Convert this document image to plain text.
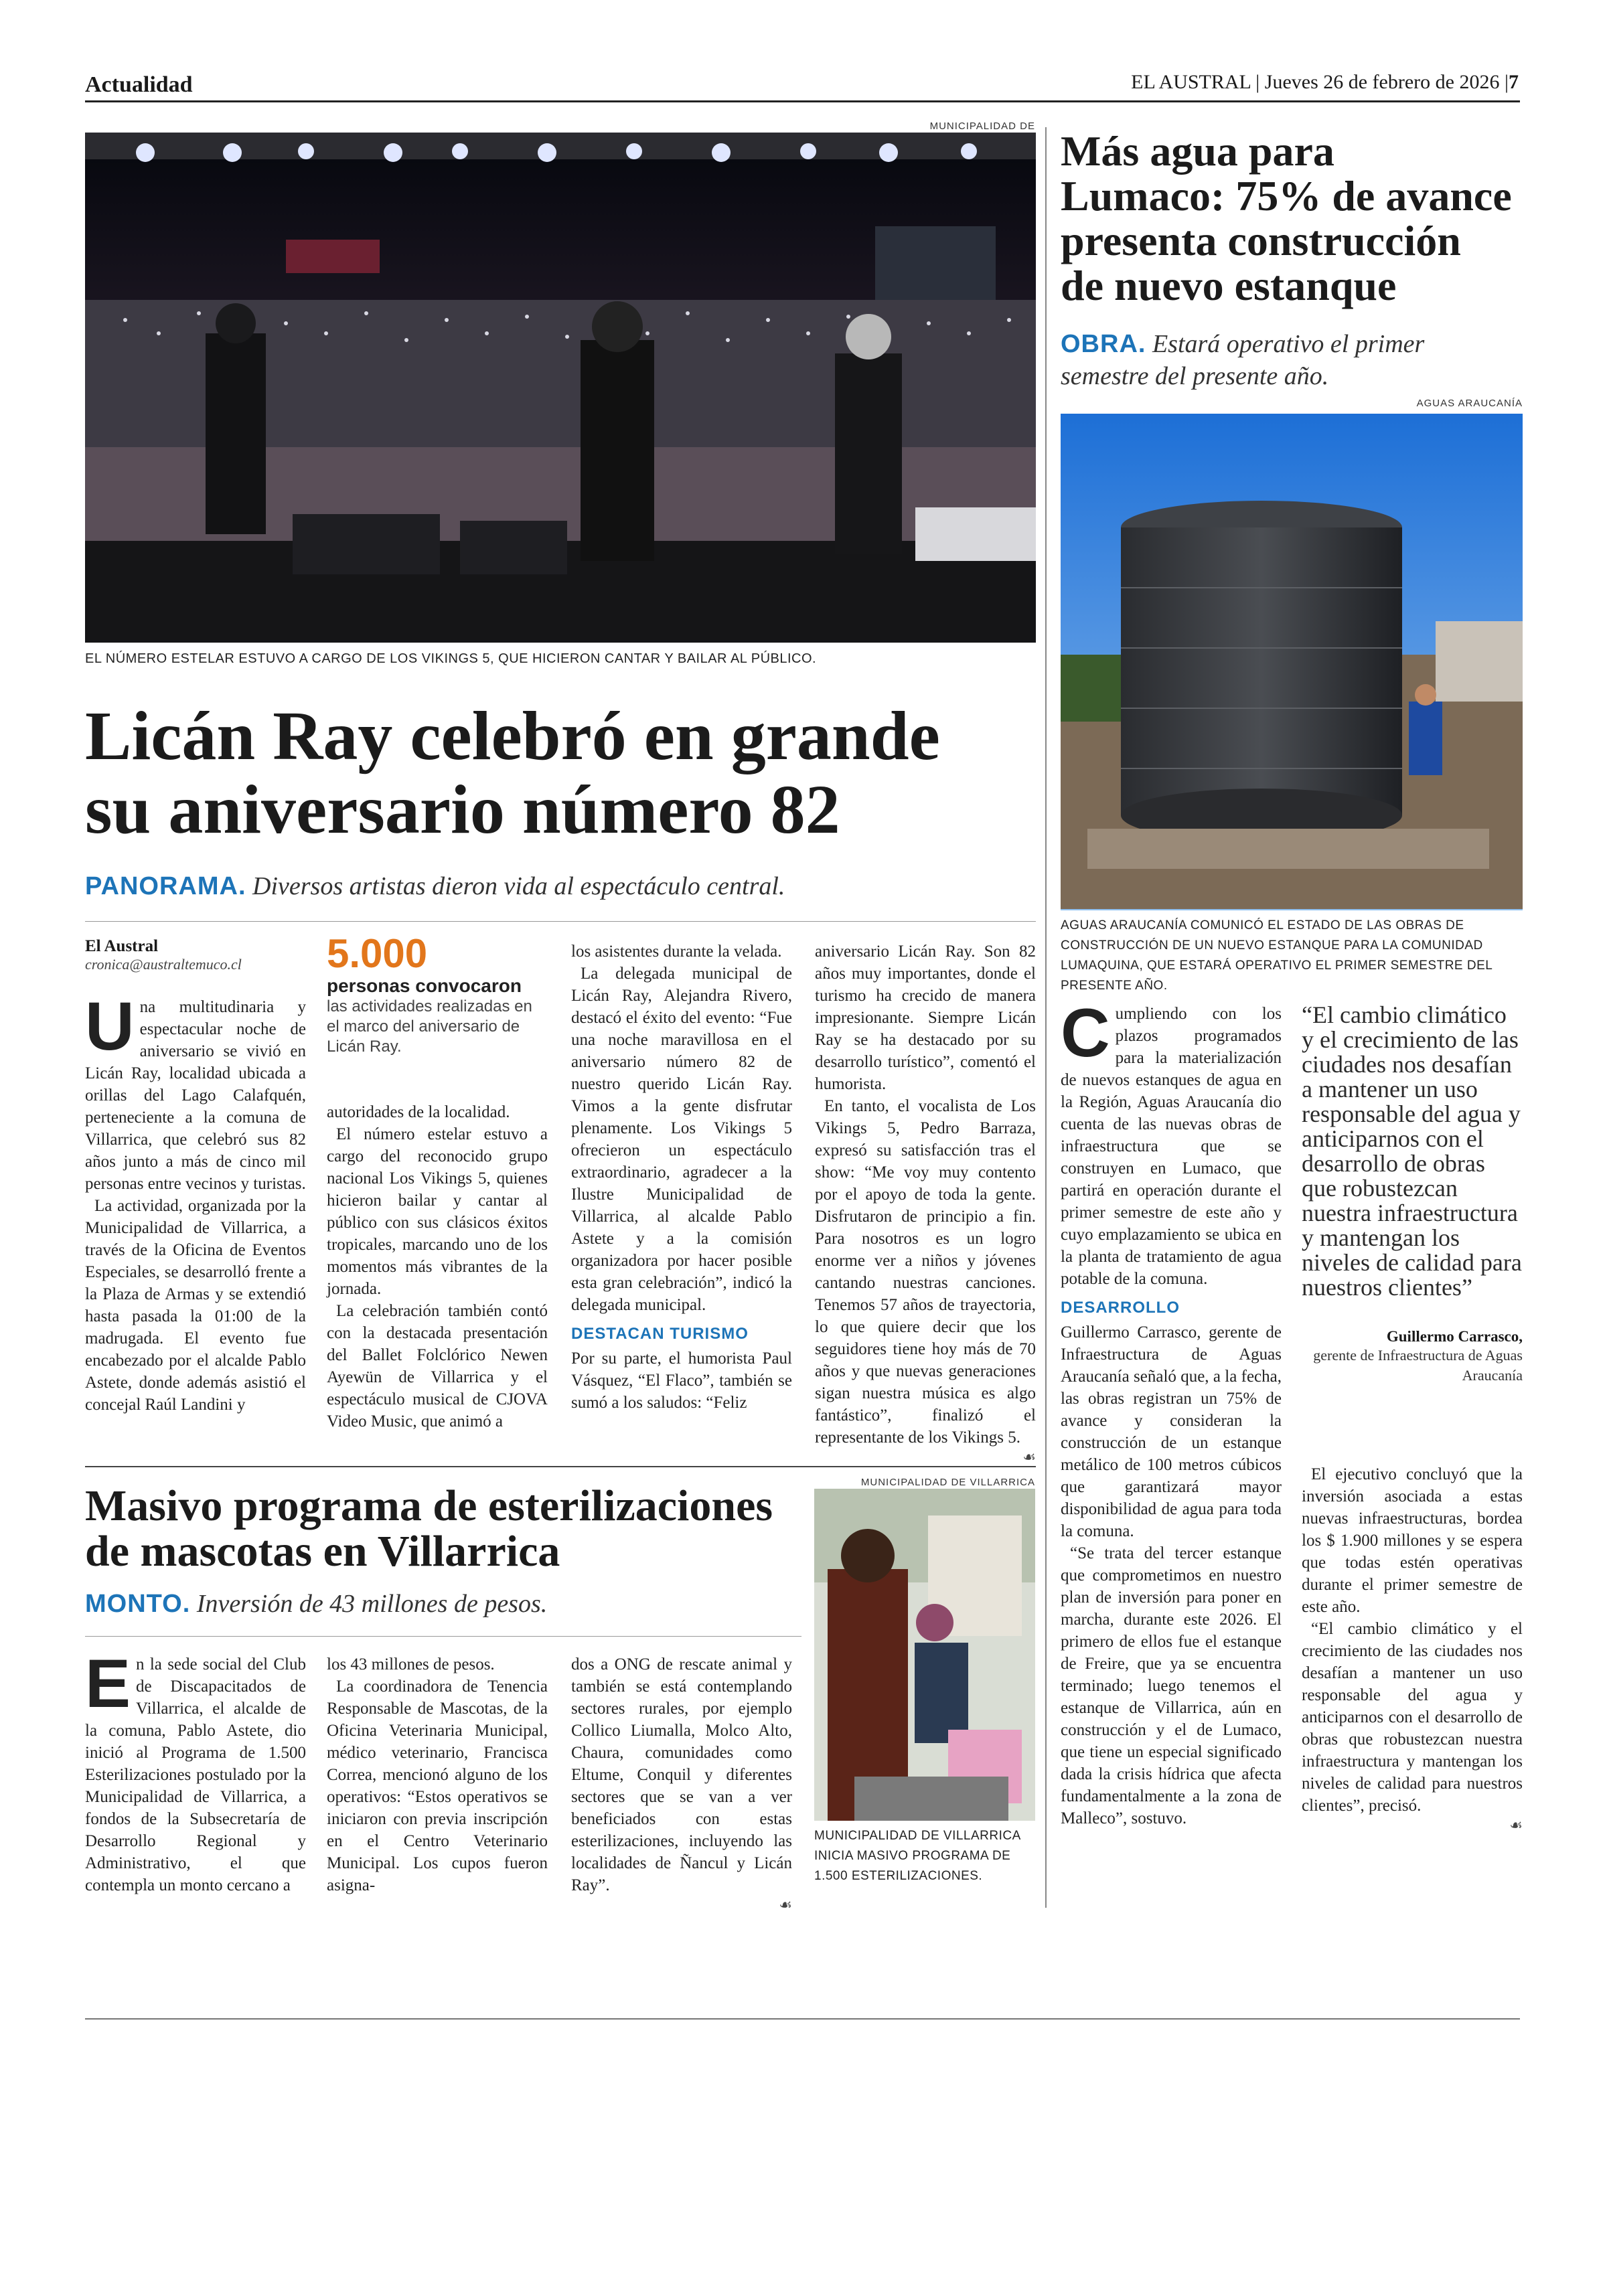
Actualidad	EL AUSTRAL | Jueves 26 de febrero de 2026 |7
MUNICIPALIDAD DE
EL NÚMERO ESTELAR ESTUVO A CARGO DE LOS VIKINGS 5, QUE HICIERON CANTAR Y BAILAR AL PÚBLICO.
Licán Ray celebró en grande
su aniversario número 82
PANORAMA. Diversos artistas dieron vida al espectáculo central.
El Austral
cronica@australtemuco.cl

Una multitudinaria y espectacular noche de aniversario se vivió en Licán Ray, localidad ubicada a orillas del Lago Calafquén, perteneciente a la comuna de Villarrica, que celebró sus 82 años junto a más de cinco mil personas entre vecinos y turistas.

La actividad, organizada por la Municipalidad de Villarrica, a través de la Oficina de Eventos Especiales, se desarrolló frente a la Plaza de Armas y se extendió hasta pasada la 01:00 de la madrugada. El evento fue encabezado por el alcalde Pablo Astete, donde además asistió el concejal Raúl Landini y

5.000
personas convocaron
las actividades realizadas en el marco del aniversario de Licán Ray.

autoridades de la localidad.

El número estelar estuvo a cargo del reconocido grupo nacional Los Vikings 5, quienes hicieron bailar y cantar al público con sus clásicos éxitos tropicales, marcando uno de los momentos más vibrantes de la jornada.

La celebración también contó con la destacada presentación del Ballet Folclórico Newen Ayewün de Villarrica y el espectáculo musical de CJOVA Video Music, que animó a

los asistentes durante la velada.

La delegada municipal de Licán Ray, Alejandra Rivero, destacó el éxito del evento: “Fue una noche maravillosa en el aniversario número 82 de nuestro querido Licán Ray. Vimos a la gente disfrutar plenamente. Los Vikings 5 ofrecieron un espectáculo extraordinario, agradecer a la Ilustre Municipalidad de Villarrica, al alcalde Pablo Astete y a la comisión organizadora por hacer posible esta gran celebración”, indicó la delegada municipal.

DESTACAN TURISMO

Por su parte, el humorista Paul Vásquez, “El Flaco”, también se sumó a los saludos: “Feliz

aniversario Licán Ray. Son 82 años muy importantes, donde el turismo ha crecido de manera impresionante. Siempre Licán Ray se ha destacado por su desarrollo turístico”, comentó el humorista.

En tanto, el vocalista de Los Vikings 5, Pedro Barraza, expresó su satisfacción tras el show: “Me voy muy contento por el apoyo de toda la gente. Disfrutaron de principio a fin. Para nosotros es un logro enorme ver a niños y jóvenes cantando nuestras canciones. Tenemos 57 años de trayectoria, lo que quiere decir que los seguidores tiene hoy más de 70 años y que nuevas generaciones sigan nuestra música es algo fantástico”, finalizó el representante de los Vikings 5.

☙
Más agua para
Lumaco: 75% de avance
presenta construcción
de nuevo estanque
OBRA. Estará operativo el primer
semestre del presente año.
AGUAS ARAUCANÍA
AGUAS ARAUCANÍA COMUNICÓ EL ESTADO DE LAS OBRAS DE CONSTRUCCIÓN DE UN NUEVO ESTANQUE PARA LA COMUNIDAD LUMAQUINA, QUE ESTARÁ OPERATIVO EL PRIMER SEMESTRE DEL PRESENTE AÑO.

Cumpliendo con los plazos programados para la materialización de nuevos estanques de agua en la Región, Aguas Araucanía dio cuenta de las nuevas obras de infraestructura que se construyen en Lumaco, que partirá en operación durante el primer semestre de este año y cuyo emplazamiento se ubica en la planta de tratamiento de agua potable de la comuna.

DESARROLLO

Guillermo Carrasco, gerente de Infraestructura de Aguas Araucanía señaló que, a la fecha, las obras registran un 75% de avance y consideran la construcción de un estanque metálico de 100 metros cúbicos que garantizará mayor disponibilidad de agua para toda la comuna.

“Se trata del tercer estanque que comprometimos en nuestro plan de inversión para poner en marcha, durante este 2026. El primero de ellos fue el estanque de Freire, que ya se encuentra terminado; luego tenemos el estanque de Villarrica, aún en construcción y el de Lumaco, que tiene un especial significado dada la crisis hídrica que afecta fundamentalmente a la zona de Malleco”, sostuvo.

“El cambio climático y el crecimiento de las ciudades nos desafían a mantener un uso responsable del agua y anticiparnos con el desarrollo de obras que robustezcan nuestra infraestructura y mantengan los niveles de calidad para nuestros clientes”
Guillermo Carrasco,
gerente de Infraestructura de Aguas Araucanía

El ejecutivo concluyó que la inversión asociada a estas nuevas infraestructuras, bordea los $ 1.900 millones y se espera que todas estén operativas durante el primer semestre de este año.

“El cambio climático y el crecimiento de las ciudades nos desafían a mantener un uso responsable del agua y anticiparnos con el desarrollo de obras que robustezcan nuestra infraestructura y mantengan los niveles de calidad para nuestros clientes”, precisó.

☙
Masivo programa de esterilizaciones
de mascotas en Villarrica
MONTO. Inversión de 43 millones de pesos.

En la sede social del Club de Discapacitados de Villarrica, el alcalde de la comuna, Pablo Astete, dio inició al Programa de 1.500 Esterilizaciones postulado por la Municipalidad de Villarrica, a fondos de la Subsecretaría de Desarrollo Regional y Administrativo, el que contempla un monto cercano a

los 43 millones de pesos.

La coordinadora de Tenencia Responsable de Mascotas, de la Oficina Veterinaria Municipal, médico veterinario, Francisca Correa, mencionó alguno de los operativos: “Estos operativos se iniciaron con previa inscripción en el Centro Veterinario Municipal. Los cupos fueron asigna-

dos a ONG de rescate animal y también se está contemplando sectores rurales, por ejemplo Collico Liumalla, Molco Alto, Chaura, comunidades como Eltume, Conquil y diferentes sectores que se van a ver beneficiados con estas esterilizaciones, incluyendo las localidades de Ñancul y Licán Ray”.

☙
MUNICIPALIDAD DE VILLARRICA
MUNICIPALIDAD DE VILLARRICA INICIA MASIVO PROGRAMA DE 1.500 ESTERILIZACIONES.
